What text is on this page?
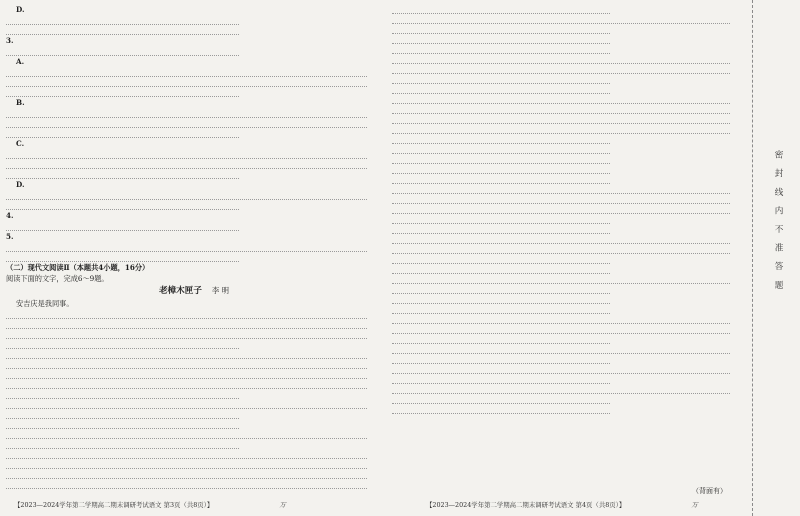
D.
3.
A.
B.
C.
D.
4.
5.
（二）现代文阅读Ⅱ（本题共4小题，16分）
阅读下面的文字，完成6～9题。
老樟木匣子 李 明
安吉庆是我同事。
（背面有）
【2023—2024学年第二学期高二期末调研考试语文 第3页（共8页）】	万	【2023—2024学年第二学期高二期末调研考试语文 第4页（共8页）】	万
密封线内不准答题
